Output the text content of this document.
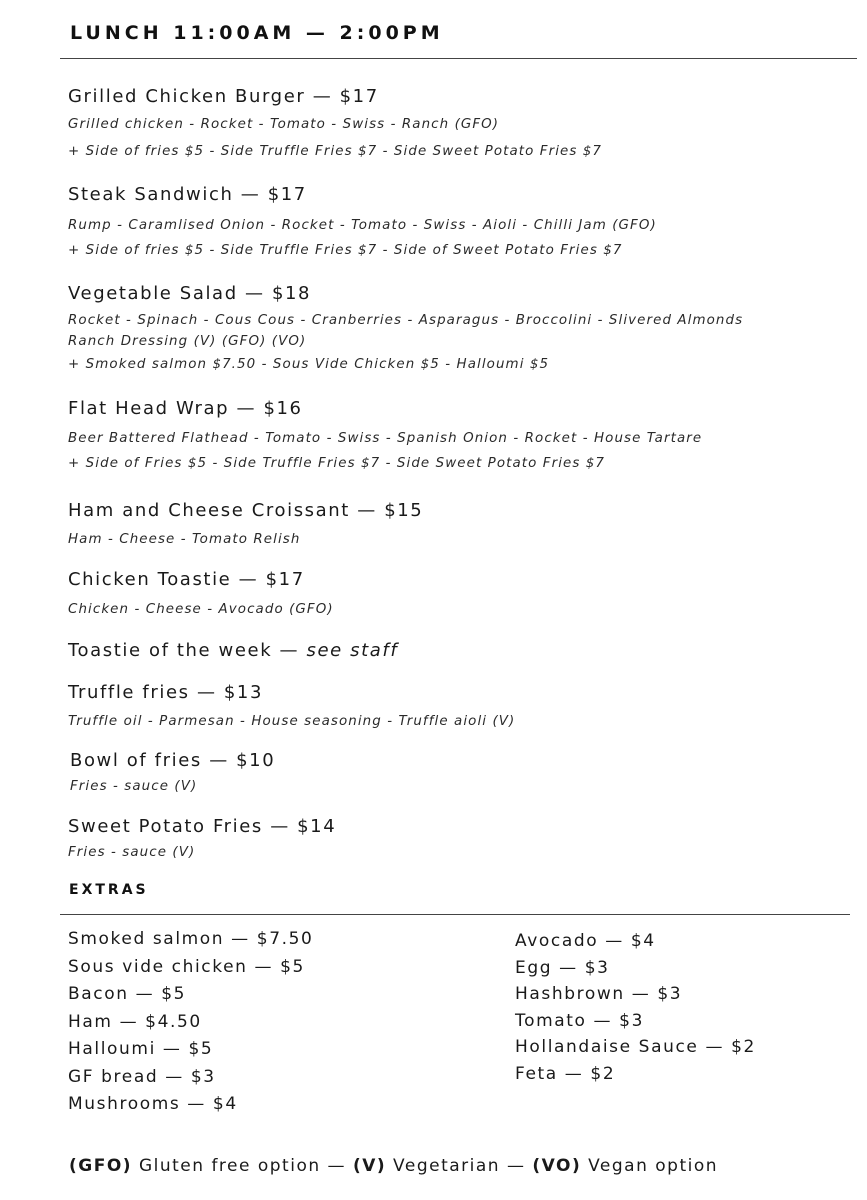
LUNCH 11:00AM — 2:00PM
Grilled Chicken Burger — $17
Grilled chicken - Rocket - Tomato - Swiss - Ranch (GFO)
+ Side of fries $5 - Side Truffle Fries $7 - Side Sweet Potato Fries $7
Steak Sandwich — $17
Rump - Caramlised Onion - Rocket - Tomato - Swiss - Aioli - Chilli Jam (GFO)
+ Side of fries $5 - Side Truffle Fries $7 - Side of Sweet Potato Fries $7
Vegetable Salad — $18
Rocket - Spinach - Cous Cous - Cranberries - Asparagus - Broccolini - Slivered Almonds
Ranch Dressing (V) (GFO) (VO)
+ Smoked salmon $7.50 - Sous Vide Chicken $5 - Halloumi $5
Flat Head Wrap — $16
Beer Battered Flathead - Tomato - Swiss - Spanish Onion - Rocket - House Tartare
+ Side of Fries $5 - Side Truffle Fries $7 - Side Sweet Potato Fries $7
Ham and Cheese Croissant — $15
Ham - Cheese - Tomato Relish
Chicken Toastie — $17
Chicken - Cheese - Avocado (GFO)
Toastie of the week — see staff
Truffle fries — $13
Truffle oil - Parmesan - House seasoning - Truffle aioli (V)
Bowl of fries — $10
Fries - sauce (V)
Sweet Potato Fries — $14
Fries - sauce (V)
EXTRAS
Smoked salmon — $7.50
Sous vide chicken — $5
Bacon — $5
Ham — $4.50
Halloumi — $5
GF bread — $3
Mushrooms — $4
Avocado — $4
Egg — $3
Hashbrown — $3
Tomato — $3
Hollandaise Sauce — $2
Feta — $2
(GFO) Gluten free option — (V) Vegetarian — (VO) Vegan option
